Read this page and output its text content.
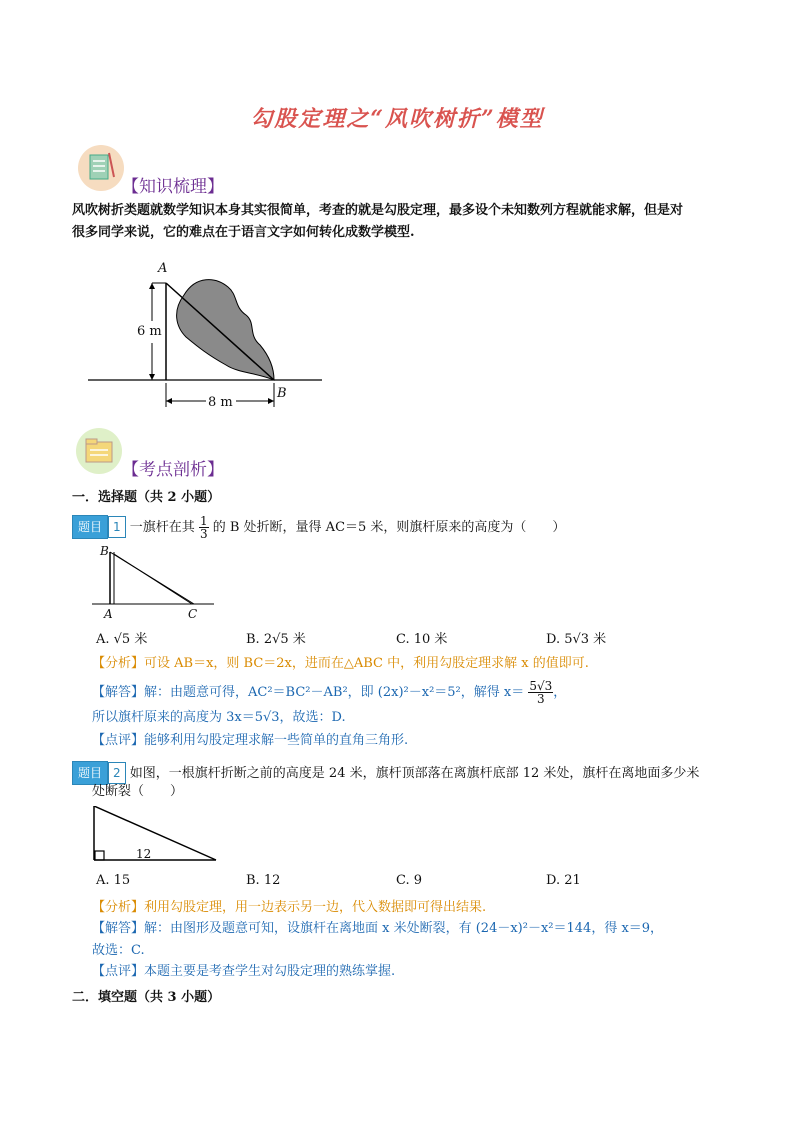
勾股定理之“风吹树折”模型
【知识梳理】
风吹树折类题就数学知识本身其实很简单，考查的就是勾股定理，最多设个未知数列方程就能求解，但是对
很多同学来说，它的难点在于语言文字如何转化成数学模型.
A
B
6 m
8 m
【考点剖析】
一．选择题（共 2 小题）
题目 1 一旗杆在其 $\frac{1}{3}$ 的 B 处折断，量得 AC＝5 米，则旗杆原来的高度为（　　）
B
A	C
A. √5 米	B. 2√5 米	C. 10 米	D. 5√3 米
【分析】可设 AB＝x，则 BC＝2x，进而在△ABC 中，利用勾股定理求解 x 的值即可.
【解答】解：由题意可得，AC²＝BC²－AB²，即 (2x)²－x²＝5²，解得 $x= \frac{5√3}{3}$ ，
所以旗杆原来的高度为 3x＝5√3，故选：D.
【点评】能够利用勾股定理求解一些简单的直角三角形.
题目 2 如图，一根旗杆折断之前的高度是 24 米，旗杆顶部落在离旗杆底部 12 米处，旗杆在离地面多少米
处断裂（　　）
12
A. 15	B. 12	C. 9	D. 21
【分析】利用勾股定理，用一边表示另一边，代入数据即可得出结果.
【解答】解：由图形及题意可知，设旗杆在离地面 x 米处断裂，有 (24－x)²－x²＝144，得 x＝9，
故选：C.
【点评】本题主要是考查学生对勾股定理的熟练掌握.
二．填空题（共 3 小题）
